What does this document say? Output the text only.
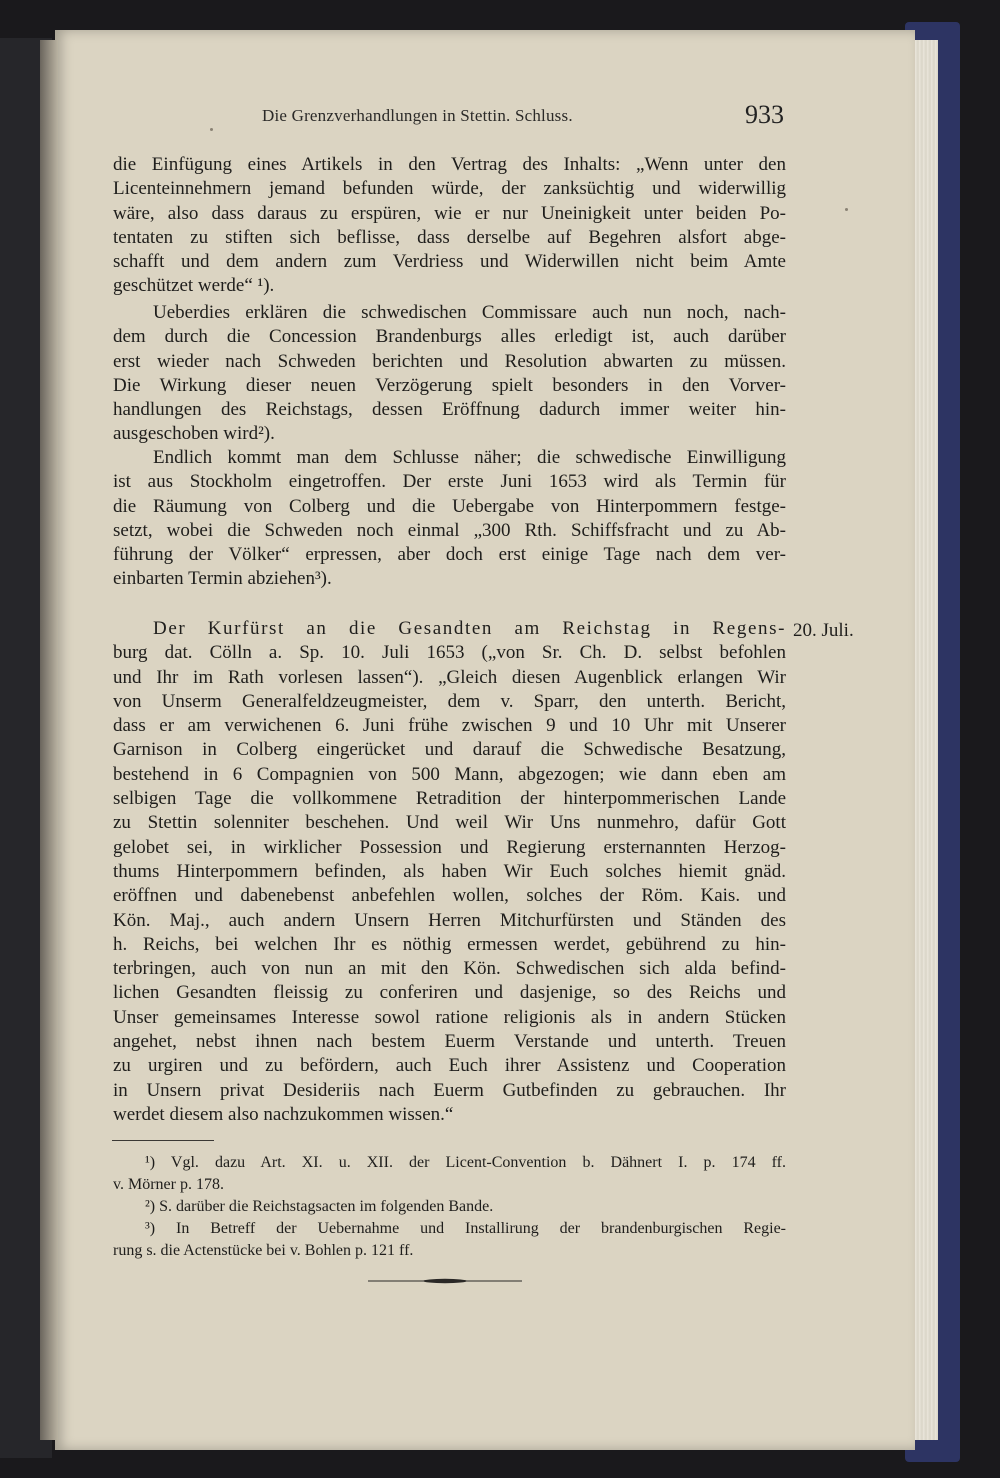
Die Grenzverhandlungen in Stettin. Schluss.	933
die Einfügung eines Artikels in den Vertrag des Inhalts: „Wenn unter den
Licenteinnehmern jemand befunden würde, der zanksüchtig und widerwillig
wäre, also dass daraus zu erspüren, wie er nur Uneinigkeit unter beiden Po-
tentaten zu stiften sich beflisse, dass derselbe auf Begehren alsfort abge-
schafft und dem andern zum Verdriess und Widerwillen nicht beim Amte
geschützet werde“ ¹).
Ueberdies erklären die schwedischen Commissare auch nun noch, nach-
dem durch die Concession Brandenburgs alles erledigt ist, auch darüber
erst wieder nach Schweden berichten und Resolution abwarten zu müssen.
Die Wirkung dieser neuen Verzögerung spielt besonders in den Vorver-
handlungen des Reichstags, dessen Eröffnung dadurch immer weiter hin-
ausgeschoben wird²).
Endlich kommt man dem Schlusse näher; die schwedische Einwilligung
ist aus Stockholm eingetroffen. Der erste Juni 1653 wird als Termin für
die Räumung von Colberg und die Uebergabe von Hinterpommern festge-
setzt, wobei die Schweden noch einmal „300 Rth. Schiffsfracht und zu Ab-
führung der Völker“ erpressen, aber doch erst einige Tage nach dem ver-
einbarten Termin abziehen³).
20. Juli.
Der Kurfürst an die Gesandten am Reichstag in Regens-
burg dat. Cölln a. Sp. 10. Juli 1653 („von Sr. Ch. D. selbst befohlen
und Ihr im Rath vorlesen lassen“). „Gleich diesen Augenblick erlangen Wir
von Unserm Generalfeldzeugmeister, dem v. Sparr, den unterth. Bericht,
dass er am verwichenen 6. Juni frühe zwischen 9 und 10 Uhr mit Unserer
Garnison in Colberg eingerücket und darauf die Schwedische Besatzung,
bestehend in 6 Compagnien von 500 Mann, abgezogen; wie dann eben am
selbigen Tage die vollkommene Retradition der hinterpommerischen Lande
zu Stettin solenniter beschehen. Und weil Wir Uns nunmehro, dafür Gott
gelobet sei, in wirklicher Possession und Regierung ersternannten Herzog-
thums Hinterpommern befinden, als haben Wir Euch solches hiemit gnäd.
eröffnen und dabenebenst anbefehlen wollen, solches der Röm. Kais. und
Kön. Maj., auch andern Unsern Herren Mitchurfürsten und Ständen des
h. Reichs, bei welchen Ihr es nöthig ermessen werdet, gebührend zu hin-
terbringen, auch von nun an mit den Kön. Schwedischen sich alda befind-
lichen Gesandten fleissig zu conferiren und dasjenige, so des Reichs und
Unser gemeinsames Interesse sowol ratione religionis als in andern Stücken
angehet, nebst ihnen nach bestem Euerm Verstande und unterth. Treuen
zu urgiren und zu befördern, auch Euch ihrer Assistenz und Cooperation
in Unsern privat Desideriis nach Euerm Gutbefinden zu gebrauchen. Ihr
werdet diesem also nachzukommen wissen.“
¹) Vgl. dazu Art. XI. u. XII. der Licent-Convention b. Dähnert I. p. 174 ff.
v. Mörner p. 178.
²) S. darüber die Reichstagsacten im folgenden Bande.
³) In Betreff der Uebernahme und Installirung der brandenburgischen Regie-
rung s. die Actenstücke bei v. Bohlen p. 121 ff.
